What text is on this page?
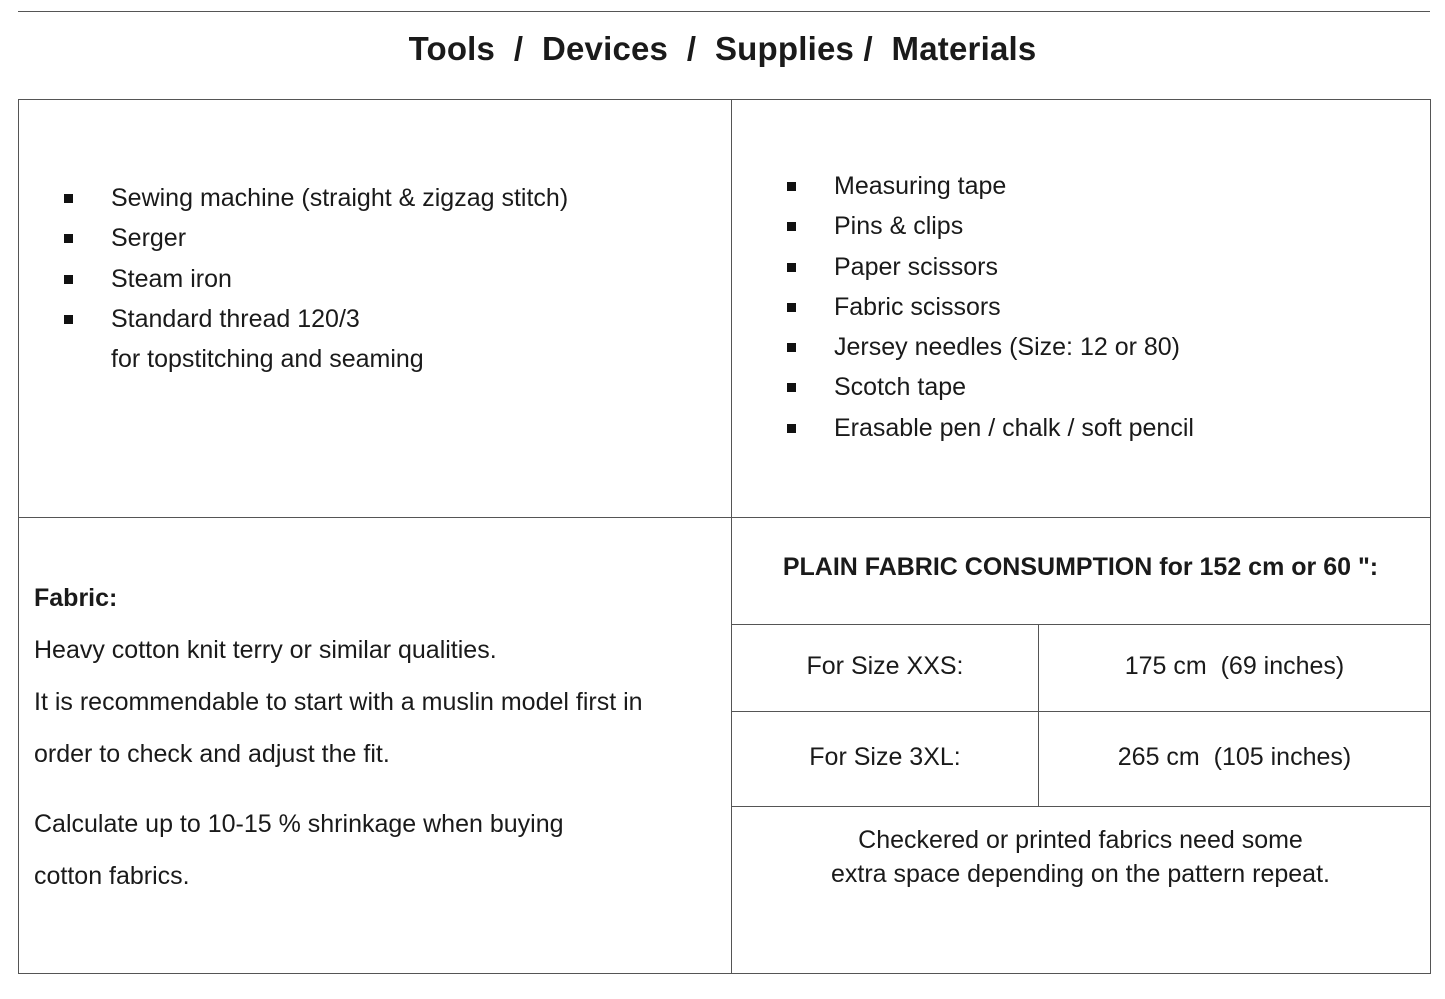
Tools  /  Devices  /  Supplies /  Materials
Sewing machine (straight & zigzag stitch)
Serger
Steam iron
Standard thread 120/3
for topstitching and seaming
Measuring tape
Pins & clips
Paper scissors
Fabric scissors
Jersey needles (Size: 12 or 80)
Scotch tape
Erasable pen / chalk / soft pencil

Fabric:

Heavy cotton knit terry or similar qualities.

It is recommendable to start with a muslin model first in

order to check and adjust the fit.

Calculate up to 10-15 % shrinkage when buying

cotton fabrics.

PLAIN FABRIC CONSUMPTION for 152 cm or 60 ":
For Size XXS:	175 cm  (69 inches)
For Size 3XL:	265 cm  (105 inches)
Checkered or printed fabrics need some
extra space depending on the pattern repeat.
